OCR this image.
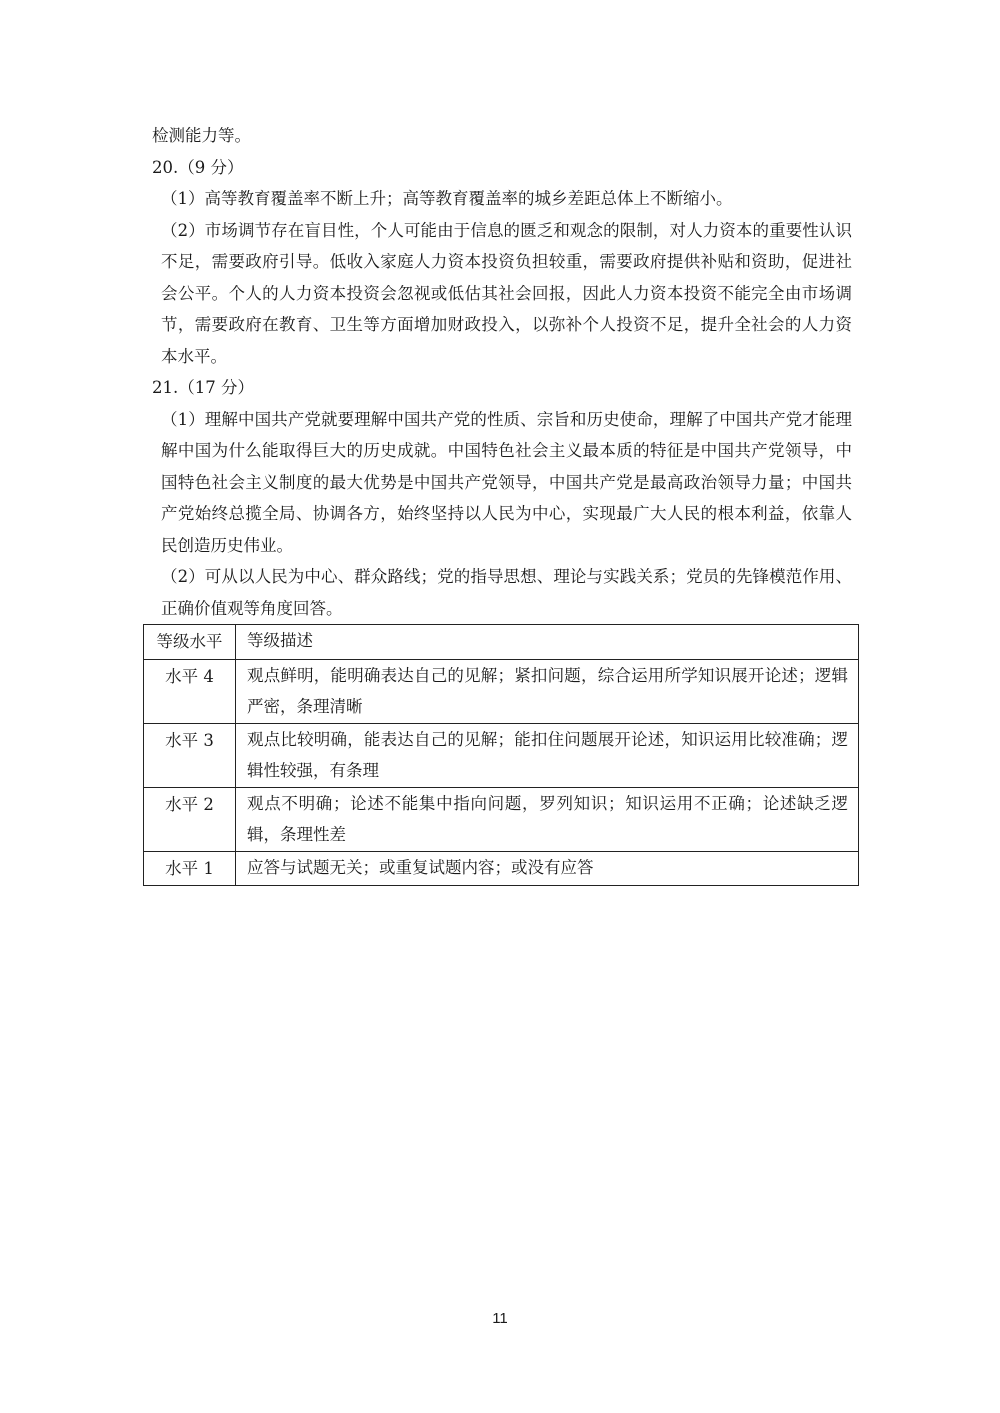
检测能力等。
20.（9 分）
（1）高等教育覆盖率不断上升；高等教育覆盖率的城乡差距总体上不断缩小。
（2）市场调节存在盲目性，个人可能由于信息的匮乏和观念的限制，对人力资本的重要性认识不足，需要政府引导。低收入家庭人力资本投资负担较重，需要政府提供补贴和资助，促进社会公平。个人的人力资本投资会忽视或低估其社会回报，因此人力资本投资不能完全由市场调节，需要政府在教育、卫生等方面增加财政投入，以弥补个人投资不足，提升全社会的人力资本水平。
21.（17 分）
（1）理解中国共产党就要理解中国共产党的性质、宗旨和历史使命，理解了中国共产党才能理解中国为什么能取得巨大的历史成就。中国特色社会主义最本质的特征是中国共产党领导，中国特色社会主义制度的最大优势是中国共产党领导，中国共产党是最高政治领导力量；中国共产党始终总揽全局、协调各方，始终坚持以人民为中心，实现最广大人民的根本利益，依靠人民创造历史伟业。
（2）可从以人民为中心、群众路线；党的指导思想、理论与实践关系；党员的先锋模范作用、正确价值观等角度回答。
等级水平	等级描述
水平 4	观点鲜明，能明确表达自己的见解；紧扣问题，综合运用所学知识展开论述；逻辑严密，条理清晰
水平 3	观点比较明确，能表达自己的见解；能扣住问题展开论述，知识运用比较准确；逻辑性较强，有条理
水平 2	观点不明确；论述不能集中指向问题，罗列知识；知识运用不正确；论述缺乏逻辑，条理性差
水平 1	应答与试题无关；或重复试题内容；或没有应答
11
